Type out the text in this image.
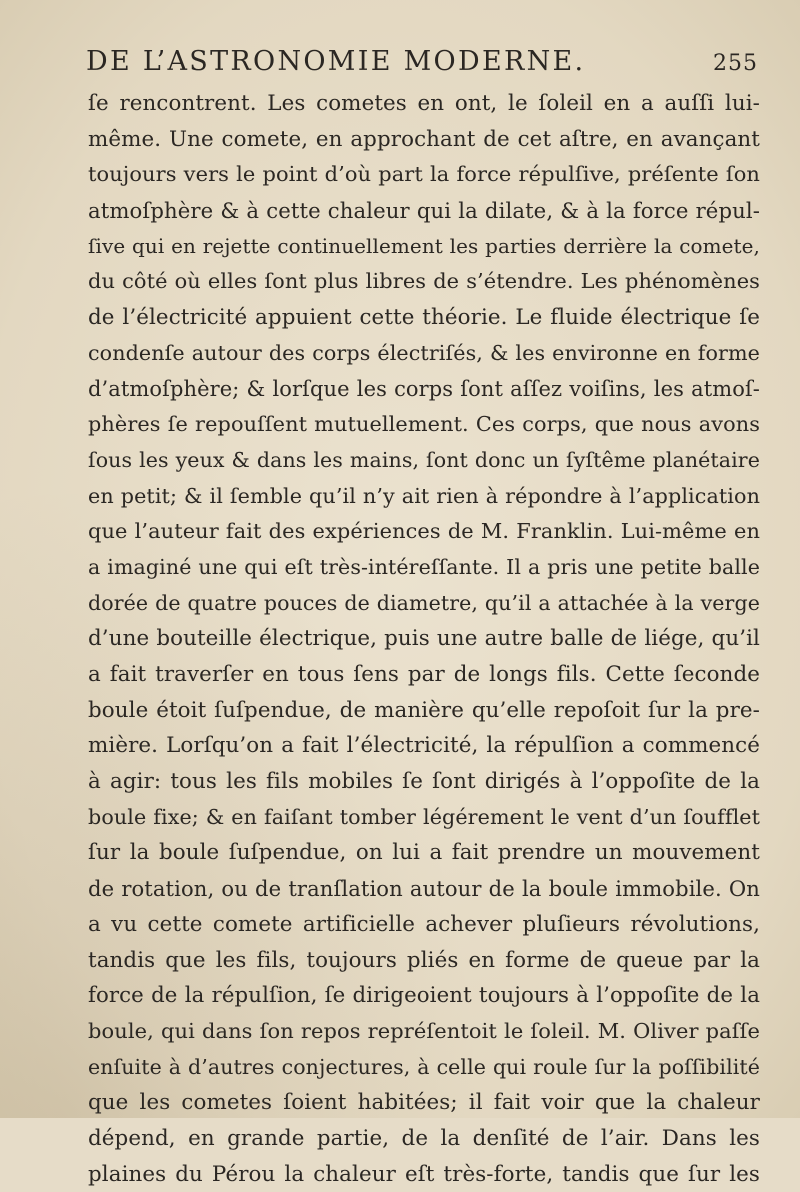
DE L’ASTRONOMIE MODERNE.	255
ſe rencontrent. Les cometes en ont, le ſoleil en a auſſi lui-
même. Une comete, en approchant de cet aſtre, en avançant
toujours vers le point d’où part la force répulſive, préſente ſon
atmoſphère & à cette chaleur qui la dilate, & à la force répul-
ſive qui en rejette continuellement les parties derrière la comete,
du côté où elles ſont plus libres de s’étendre. Les phénomènes
de l’électricité appuient cette théorie. Le fluide électrique ſe
condenſe autour des corps électriſés, & les environne en forme
d’atmoſphère; & lorſque les corps ſont aſſez voiſins, les atmoſ-
phères ſe repouſſent mutuellement. Ces corps, que nous avons
ſous les yeux & dans les mains, ſont donc un ſyſtême planétaire
en petit; & il ſemble qu’il n’y ait rien à répondre à l’application
que l’auteur fait des expériences de M. Franklin. Lui-même en
a imaginé une qui eſt très-intéreſſante. Il a pris une petite balle
dorée de quatre pouces de diametre, qu’il a attachée à la verge
d’une bouteille électrique, puis une autre balle de liége, qu’il
a fait traverſer en tous ſens par de longs fils. Cette ſeconde
boule étoit ſuſpendue, de manière qu’elle repoſoit ſur la pre-
mière. Lorſqu’on a fait l’électricité, la répulſion a commencé
à agir: tous les fils mobiles ſe ſont dirigés à l’oppoſite de la
boule fixe; & en faiſant tomber légérement le vent d’un ſoufflet
ſur la boule ſuſpendue, on lui a fait prendre un mouvement
de rotation, ou de tranſlation autour de la boule immobile. On
a vu cette comete artificielle achever pluſieurs révolutions,
tandis que les fils, toujours pliés en forme de queue par la
force de la répulſion, ſe dirigeoient toujours à l’oppoſite de la
boule, qui dans ſon repos repréſentoit le ſoleil. M. Oliver paſſe
enſuite à d’autres conjectures, à celle qui roule ſur la poſſibilité
que les cometes ſoient habitées; il fait voir que la chaleur
dépend, en grande partie, de la denſité de l’air. Dans les
plaines du Pérou la chaleur eſt très-forte, tandis que ſur les
